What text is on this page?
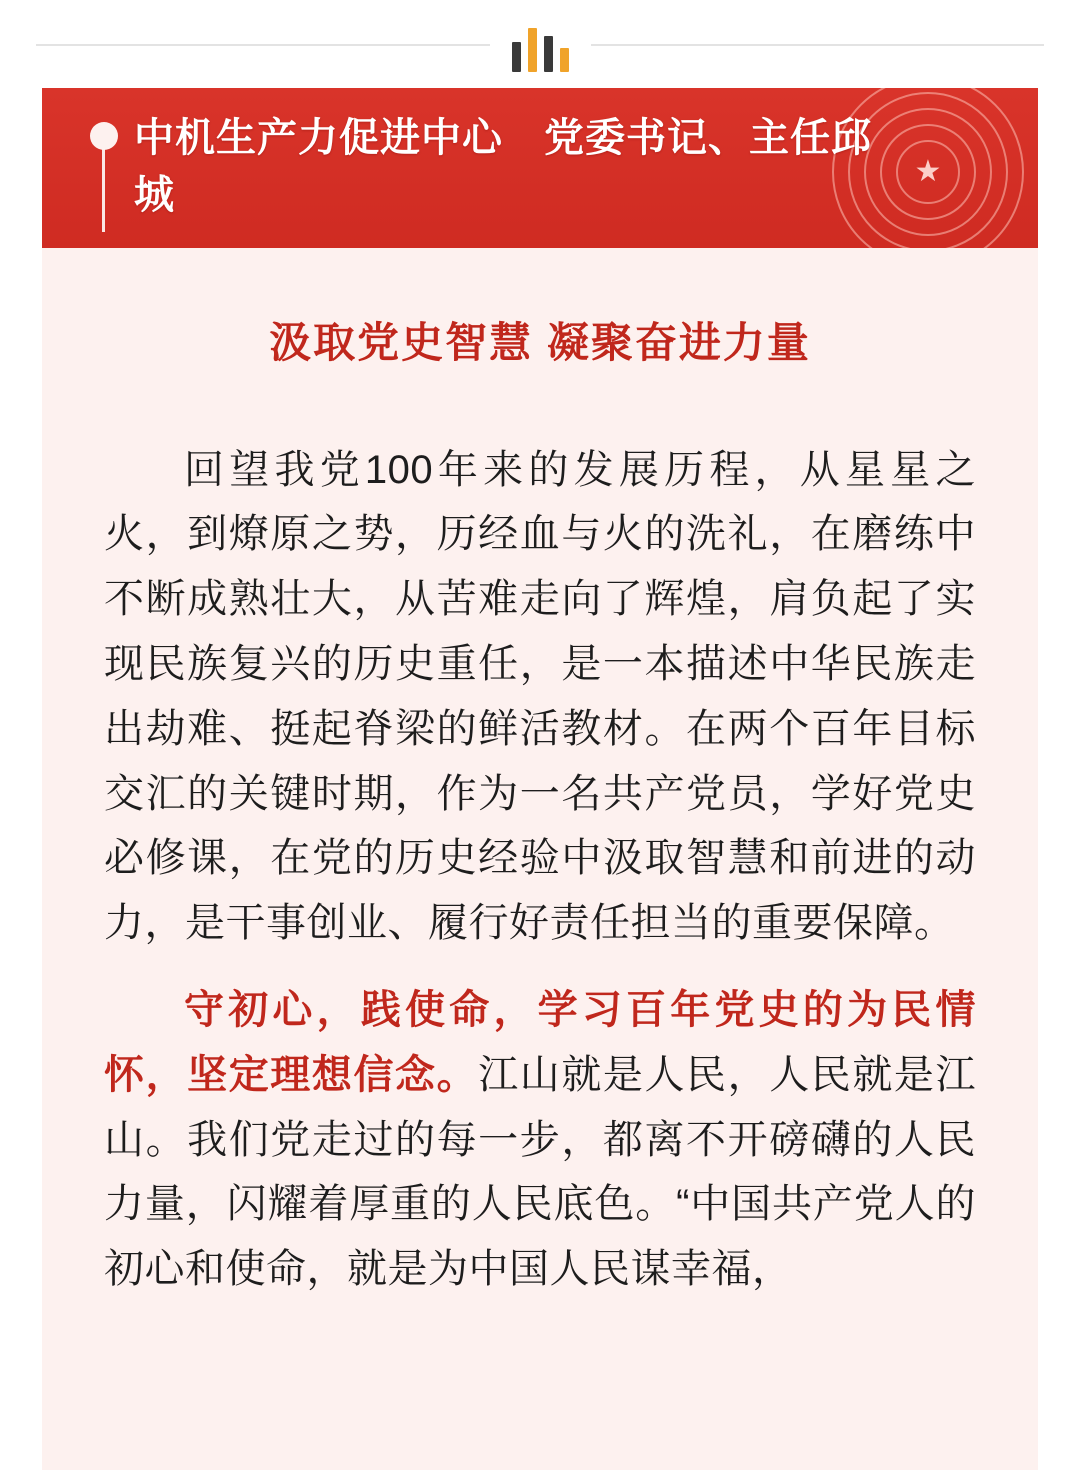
★
中机生产力促进中心　党委书记、主任邱城
汲取党史智慧 凝聚奋进力量

回望我党100年来的发展历程，从星星之火，到燎原之势，历经血与火的洗礼，在磨练中不断成熟壮大，从苦难走向了辉煌，肩负起了实现民族复兴的历史重任，是一本描述中华民族走出劫难、挺起脊梁的鲜活教材。在两个百年目标交汇的关键时期，作为一名共产党员，学好党史必修课，在党的历史经验中汲取智慧和前进的动力，是干事创业、履行好责任担当的重要保障。

守初心，践使命，学习百年党史的为民情怀，坚定理想信念。江山就是人民，人民就是江山。我们党走过的每一步，都离不开磅礴的人民力量，闪耀着厚重的人民底色。“中国共产党人的初心和使命，就是为中国人民谋幸福，
